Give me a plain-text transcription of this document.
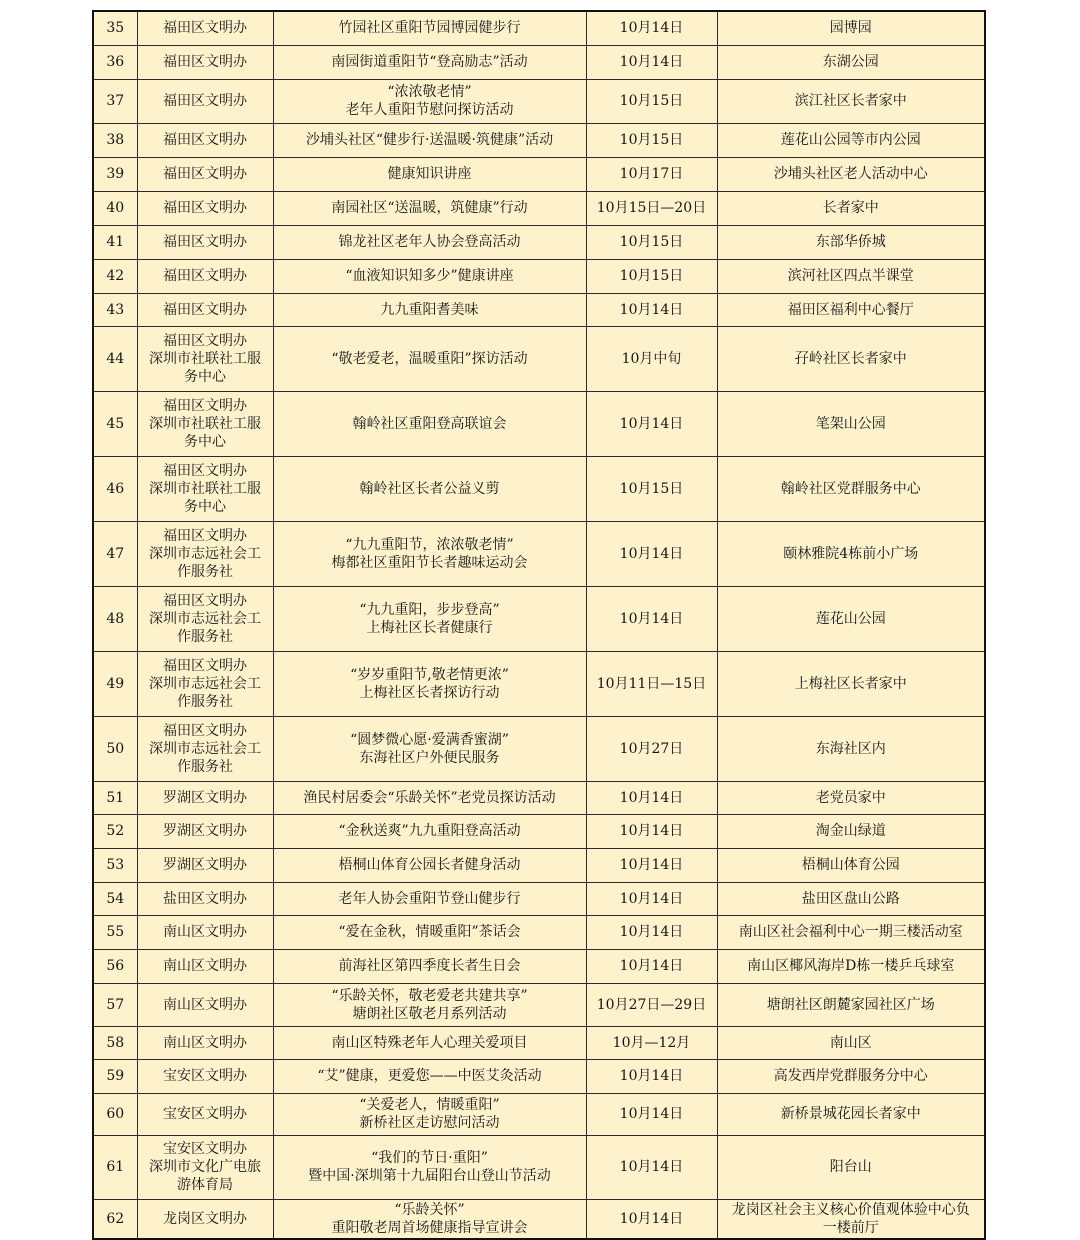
35	福田区文明办	竹园社区重阳节园博园健步行	10月14日	园博园
36	福田区文明办	南园街道重阳节“登高励志”活动	10月14日	东湖公园
37	福田区文明办	“浓浓敬老情”
老年人重阳节慰问探访活动	10月15日	滨江社区长者家中
38	福田区文明办	沙埔头社区“健步行·送温暖·筑健康”活动	10月15日	莲花山公园等市内公园
39	福田区文明办	健康知识讲座	10月17日	沙埔头社区老人活动中心
40	福田区文明办	南园社区“送温暖，筑健康”行动	10月15日—20日	长者家中
41	福田区文明办	锦龙社区老年人协会登高活动	10月15日	东部华侨城
42	福田区文明办	“血液知识知多少”健康讲座	10月15日	滨河社区四点半课堂
43	福田区文明办	九九重阳耆美味	10月14日	福田区福利中心餐厅
44	福田区文明办
深圳市社联社工服
务中心	“敬老爱老，温暖重阳”探访活动	10月中旬	孖岭社区长者家中
45	福田区文明办
深圳市社联社工服
务中心	翰岭社区重阳登高联谊会	10月14日	笔架山公园
46	福田区文明办
深圳市社联社工服
务中心	翰岭社区长者公益义剪	10月15日	翰岭社区党群服务中心
47	福田区文明办
深圳市志远社会工
作服务社	“九九重阳节，浓浓敬老情”
梅都社区重阳节长者趣味运动会	10月14日	颐林雅院4栋前小广场
48	福田区文明办
深圳市志远社会工
作服务社	“九九重阳，步步登高”
上梅社区长者健康行	10月14日	莲花山公园
49	福田区文明办
深圳市志远社会工
作服务社	“岁岁重阳节,敬老情更浓”
上梅社区长者探访行动	10月11日—15日	上梅社区长者家中
50	福田区文明办
深圳市志远社会工
作服务社	“圆梦微心愿·爱满香蜜湖”
东海社区户外便民服务	10月27日	东海社区内
51	罗湖区文明办	渔民村居委会“乐龄关怀”老党员探访活动	10月14日	老党员家中
52	罗湖区文明办	“金秋送爽”九九重阳登高活动	10月14日	淘金山绿道
53	罗湖区文明办	梧桐山体育公园长者健身活动	10月14日	梧桐山体育公园
54	盐田区文明办	老年人协会重阳节登山健步行	10月14日	盐田区盘山公路
55	南山区文明办	“爱在金秋，情暖重阳”茶话会	10月14日	南山区社会福利中心一期三楼活动室
56	南山区文明办	前海社区第四季度长者生日会	10月14日	南山区椰风海岸D栋一楼乒乓球室
57	南山区文明办	“乐龄关怀，敬老爱老共建共享”
塘朗社区敬老月系列活动	10月27日—29日	塘朗社区朗麓家园社区广场
58	南山区文明办	南山区特殊老年人心理关爱项目	10月—12月	南山区
59	宝安区文明办	“艾”健康，更爱您——中医艾灸活动	10月14日	高发西岸党群服务分中心
60	宝安区文明办	“关爱老人，情暖重阳”
新桥社区走访慰问活动	10月14日	新桥景城花园长者家中
61	宝安区文明办
深圳市文化广电旅
游体育局	“我们的节日·重阳”
暨中国·深圳第十九届阳台山登山节活动	10月14日	阳台山
62	龙岗区文明办	“乐龄关怀”
重阳敬老周首场健康指导宣讲会	10月14日	龙岗区社会主义核心价值观体验中心负
一楼前厅
